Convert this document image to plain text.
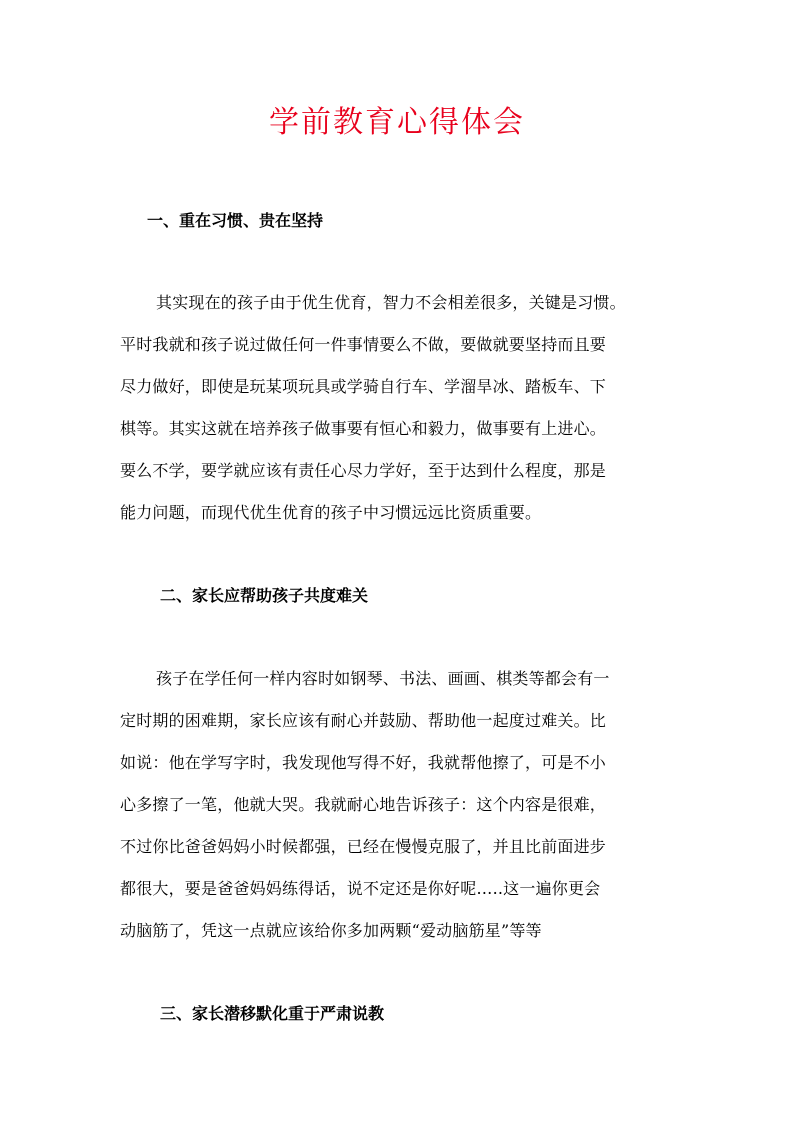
学前教育心得体会
一、重在习惯、贵在坚持
其实现在的孩子由于优生优育，智力不会相差很多，关键是习惯。
平时我就和孩子说过做任何一件事情要么不做，要做就要坚持而且要
尽力做好，即使是玩某项玩具或学骑自行车、学溜旱冰、踏板车、下
棋等。其实这就在培养孩子做事要有恒心和毅力，做事要有上进心。
要么不学，要学就应该有责任心尽力学好，至于达到什么程度，那是
能力问题，而现代优生优育的孩子中习惯远远比资质重要。
二、家长应帮助孩子共度难关
孩子在学任何一样内容时如钢琴、书法、画画、棋类等都会有一
定时期的困难期，家长应该有耐心并鼓励、帮助他一起度过难关。比
如说：他在学写字时，我发现他写得不好，我就帮他擦了，可是不小
心多擦了一笔，他就大哭。我就耐心地告诉孩子：这个内容是很难，
不过你比爸爸妈妈小时候都强，已经在慢慢克服了，并且比前面进步
都很大，要是爸爸妈妈练得话，说不定还是你好呢…..这一遍你更会
动脑筋了，凭这一点就应该给你多加两颗“爱动脑筋星”等等
三、家长潜移默化重于严肃说教
